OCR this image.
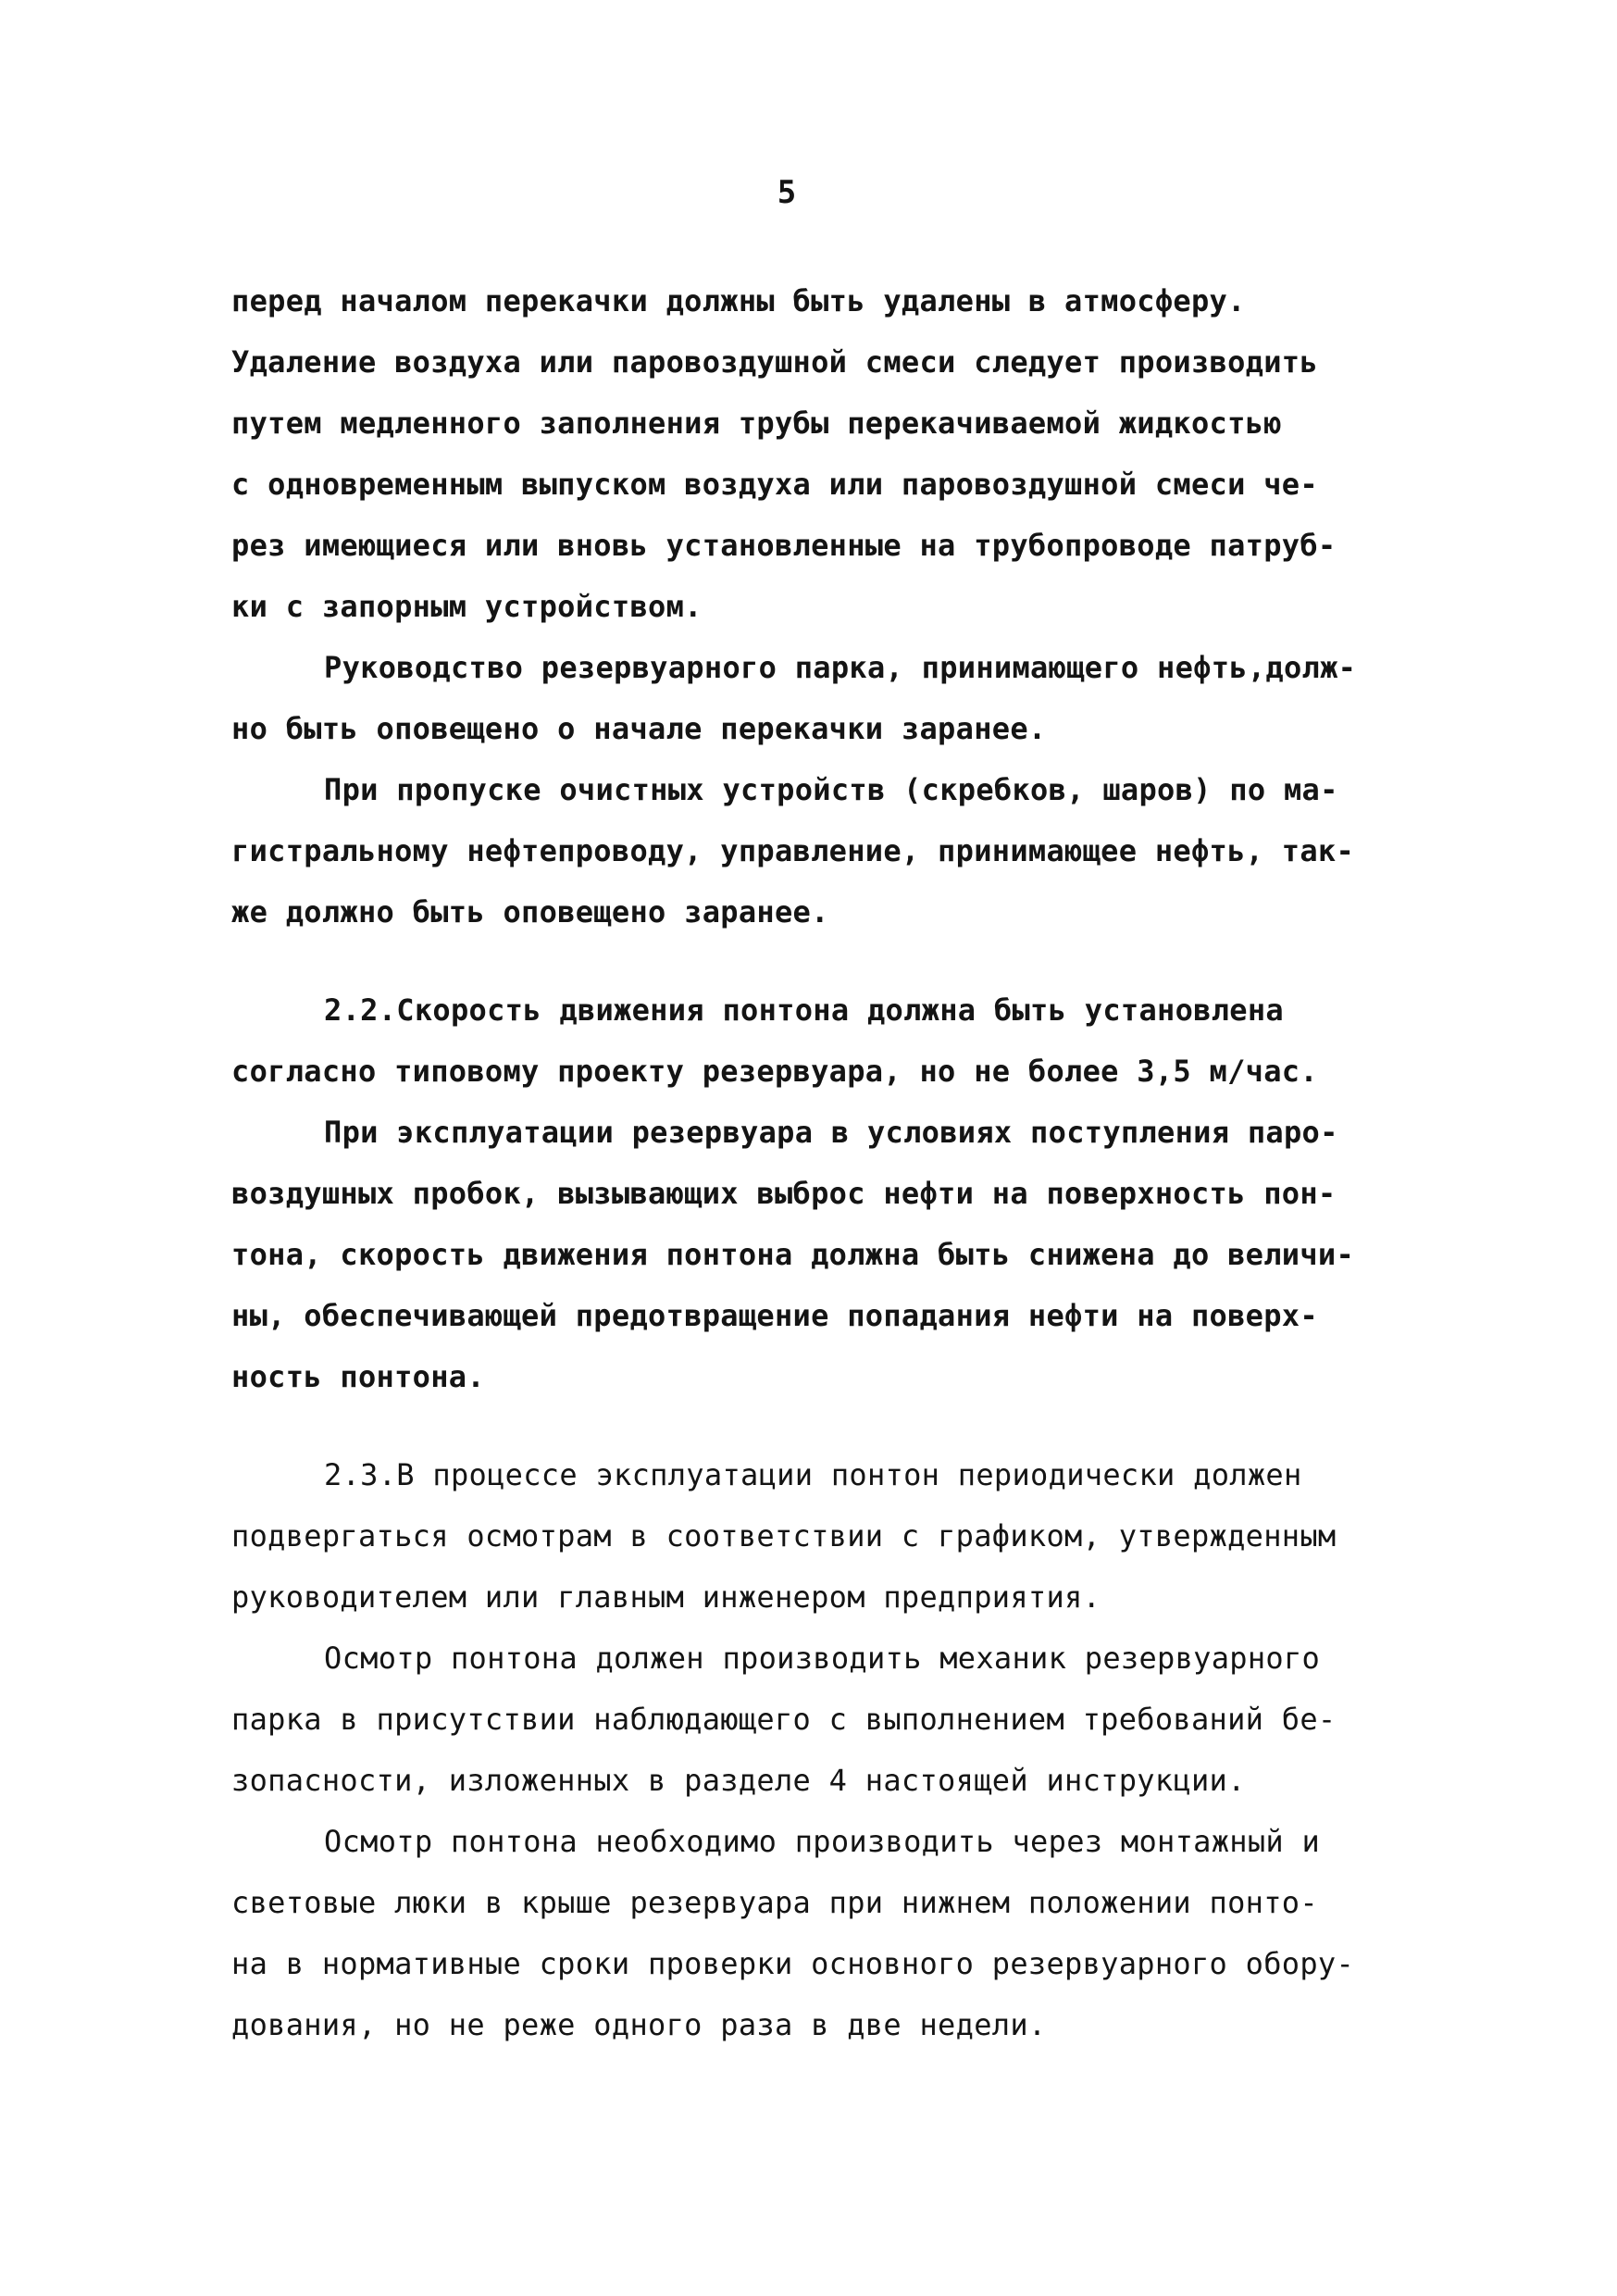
5
перед началом перекачки должны быть удалены в атмосферу.
Удаление воздуха или паровоздушной смеси следует производить
путем медленного заполнения трубы перекачиваемой жидкостью
с одновременным выпуском воздуха или паровоздушной смеси че-
рез имеющиеся или вновь установленные на трубопроводе патруб-
ки с запорным устройством.
Руководство резервуарного парка, принимающего нефть,долж-
но быть оповещено о начале перекачки заранее.
При пропуске очистных устройств (скребков, шаров) по ма-
гистральному нефтепроводу, управление, принимающее нефть, так-
же должно быть оповещено заранее.
2.2.Скорость движения понтона должна быть установлена
согласно типовому проекту резервуара, но не более 3,5 м/час.
При эксплуатации резервуара в условиях поступления паро-
воздушных пробок, вызывающих выброс нефти на поверхность пон-
тона, скорость движения понтона должна быть снижена до величи-
ны, обеспечивающей предотвращение попадания нефти на поверх-
ность понтона.
2.3.В процессе эксплуатации понтон периодически должен
подвергаться осмотрам в соответствии с графиком, утвержденным
руководителем или главным инженером предприятия.
Осмотр понтона должен производить механик резервуарного
парка в присутствии наблюдающего с выполнением требований бе-
зопасности, изложенных в разделе 4 настоящей инструкции.
Осмотр понтона необходимо производить через монтажный и
световые люки в крыше резервуара при нижнем положении понто-
на в нормативные сроки проверки основного резервуарного обору-
дования, но не реже одного раза в две недели.
